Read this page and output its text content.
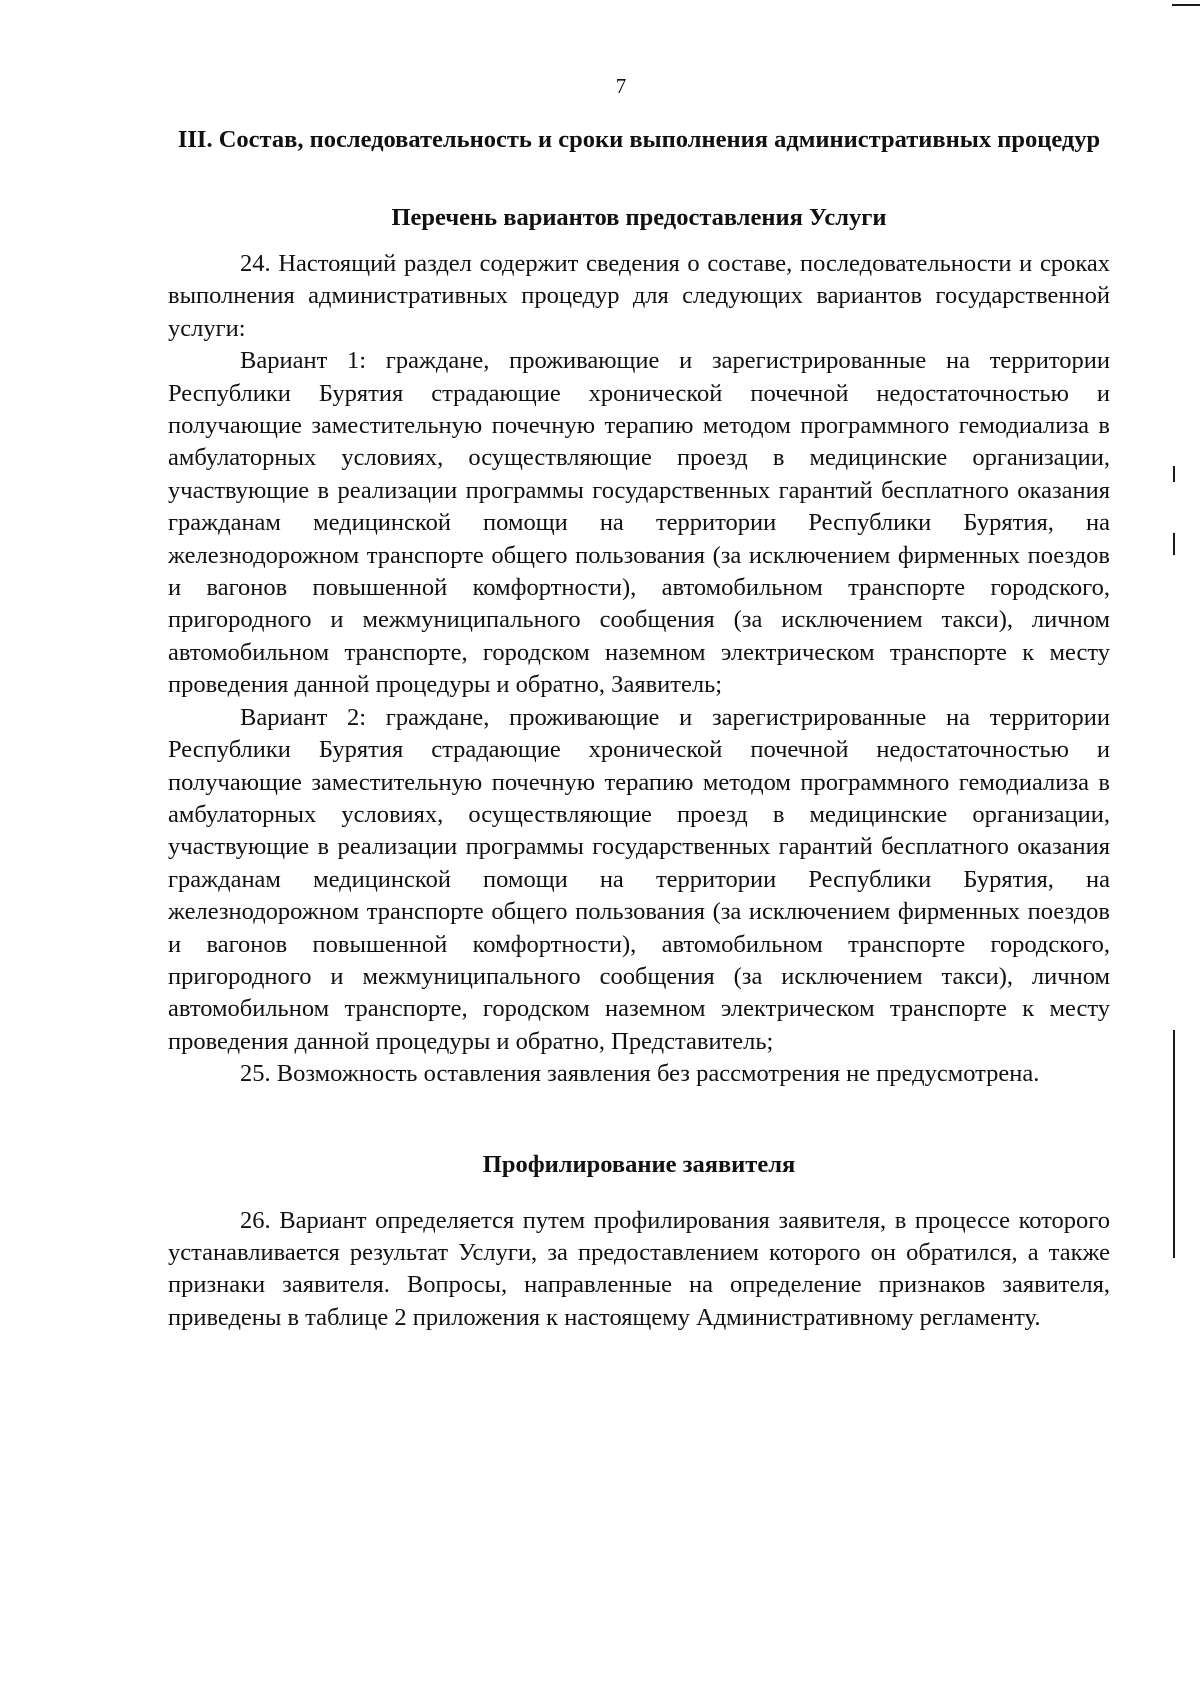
7

III. Состав, последовательность и сроки выполнения административных процедур

Перечень вариантов предоставления Услуги

24. Настоящий раздел содержит сведения о составе, последовательности и сроках выполнения административных процедур для следующих вариантов государственной услуги:

Вариант 1: граждане, проживающие и зарегистрированные на территории Республики Бурятия страдающие хронической почечной недостаточностью и получающие заместительную почечную терапию методом программного гемодиализа в амбулаторных условиях, осуществляющие проезд в медицинские организации, участвующие в реализации программы государственных гарантий бесплатного оказания гражданам медицинской помощи на территории Республики Бурятия, на железнодорожном транспорте общего пользования (за исключением фирменных поездов и вагонов повышенной комфортности), автомобильном транспорте городского, пригородного и межмуниципального сообщения (за исключением такси), личном автомобильном транспорте, городском наземном электрическом транспорте к месту проведения данной процедуры и обратно, Заявитель;

Вариант 2: граждане, проживающие и зарегистрированные на территории Республики Бурятия страдающие хронической почечной недостаточностью и получающие заместительную почечную терапию методом программного гемодиализа в амбулаторных условиях, осуществляющие проезд в медицинские организации, участвующие в реализации программы государственных гарантий бесплатного оказания гражданам медицинской помощи на территории Республики Бурятия, на железнодорожном транспорте общего пользования (за исключением фирменных поездов и вагонов повышенной комфортности), автомобильном транспорте городского, пригородного и межмуниципального сообщения (за исключением такси), личном автомобильном транспорте, городском наземном электрическом транспорте к месту проведения данной процедуры и обратно, Представитель;

25. Возможность оставления заявления без рассмотрения не предусмотрена.

Профилирование заявителя

26. Вариант определяется путем профилирования заявителя, в процессе которого устанавливается результат Услуги, за предоставлением которого он обратился, а также признаки заявителя. Вопросы, направленные на определение признаков заявителя, приведены в таблице 2 приложения к настоящему Административному регламенту.
